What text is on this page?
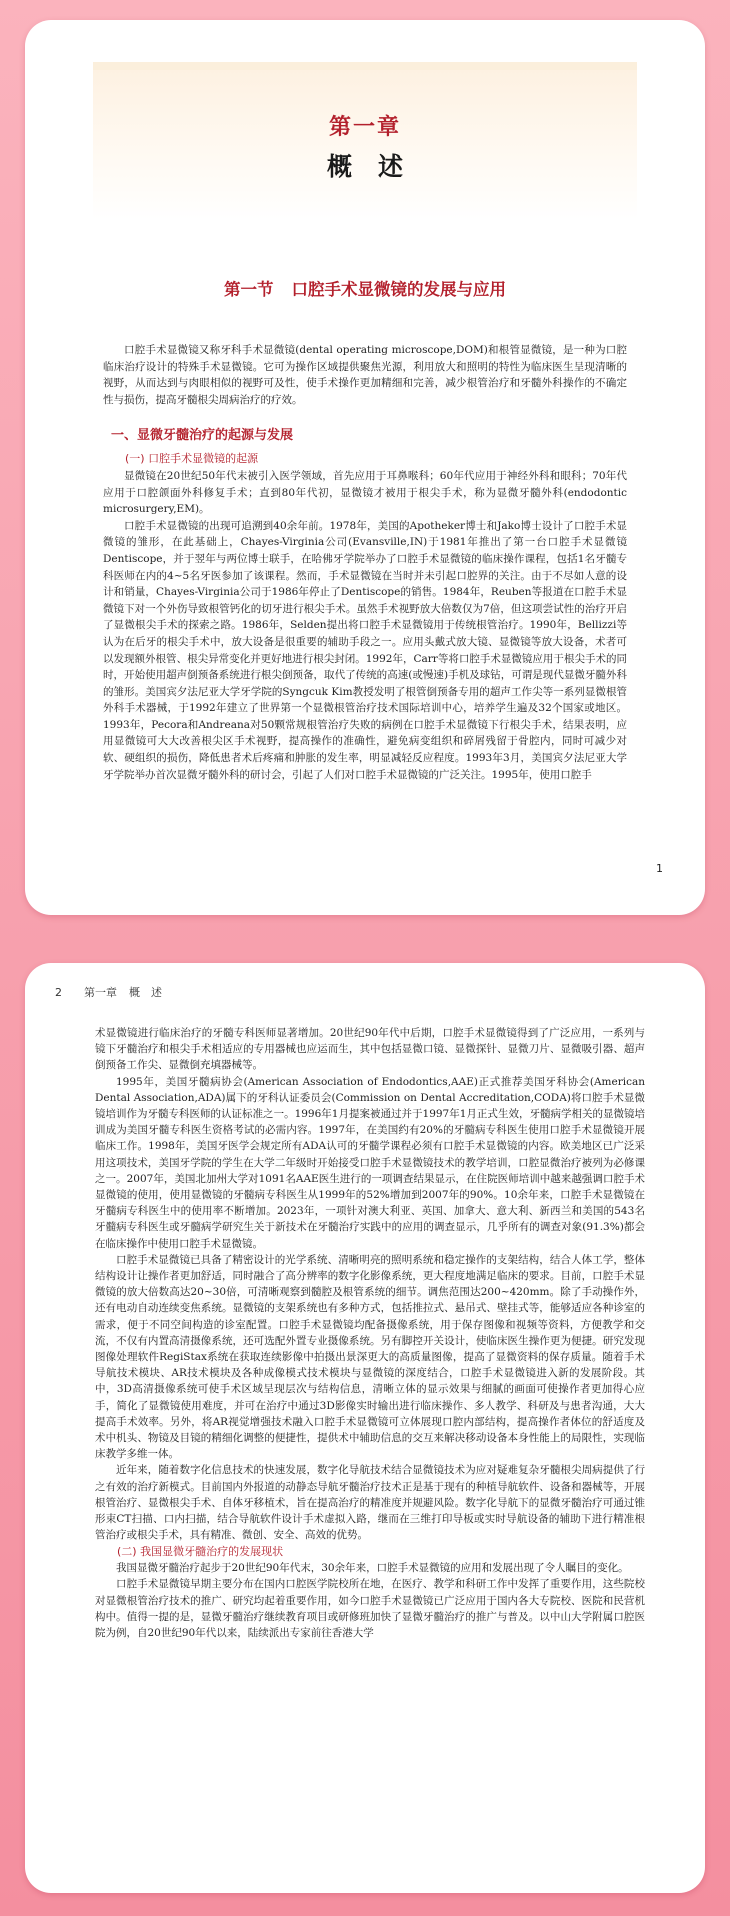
第一章
概述
第一节 口腔手术显微镜的发展与应用

口腔手术显微镜又称牙科手术显微镜(dental operating microscope,DOM)和根管显微镜，是一种为口腔临床治疗设计的特殊手术显微镜。它可为操作区域提供聚焦光源，利用放大和照明的特性为临床医生呈现清晰的视野，从而达到与肉眼相似的视野可及性，使手术操作更加精细和完善，减少根管治疗和牙髓外科操作的不确定性与损伤，提高牙髓根尖周病治疗的疗效。

一、显微牙髓治疗的起源与发展
(一) 口腔手术显微镜的起源

显微镜在20世纪50年代末被引入医学领域，首先应用于耳鼻喉科；60年代应用于神经外科和眼科；70年代应用于口腔颌面外科修复手术；直到80年代初，显微镜才被用于根尖手术，称为显微牙髓外科(endodontic microsurgery,EM)。

口腔手术显微镜的出现可追溯到40余年前。1978年，美国的Apotheker博士和Jako博士设计了口腔手术显微镜的雏形，在此基础上，Chayes-Virginia公司(Evansville,IN)于1981年推出了第一台口腔手术显微镜Dentiscope，并于翌年与两位博士联手，在哈佛牙学院举办了口腔手术显微镜的临床操作课程，包括1名牙髓专科医师在内的4~5名牙医参加了该课程。然而，手术显微镜在当时并未引起口腔界的关注。由于不尽如人意的设计和销量，Chayes-Virginia公司于1986年停止了Dentiscope的销售。1984年，Reuben等报道在口腔手术显微镜下对一个外伤导致根管钙化的切牙进行根尖手术。虽然手术视野放大倍数仅为7倍，但这项尝试性的治疗开启了显微根尖手术的探索之路。1986年，Selden提出将口腔手术显微镜用于传统根管治疗。1990年，Bellizzi等认为在后牙的根尖手术中，放大设备是很重要的辅助手段之一。应用头戴式放大镜、显微镜等放大设备，术者可以发现额外根管、根尖异常变化并更好地进行根尖封闭。1992年，Carr等将口腔手术显微镜应用于根尖手术的同时，开始使用超声倒预备系统进行根尖倒预备，取代了传统的高速(或慢速)手机及球钻，可谓是现代显微牙髓外科的雏形。美国宾夕法尼亚大学牙学院的Syngcuk Kim教授发明了根管倒预备专用的超声工作尖等一系列显微根管外科手术器械，于1992年建立了世界第一个显微根管治疗技术国际培训中心，培养学生遍及32个国家或地区。1993年，Pecora和Andreana对50颗常规根管治疗失败的病例在口腔手术显微镜下行根尖手术，结果表明，应用显微镜可大大改善根尖区手术视野，提高操作的准确性，避免病变组织和碎屑残留于骨腔内，同时可减少对软、硬组织的损伤，降低患者术后疼痛和肿胀的发生率，明显减轻反应程度。1993年3月，美国宾夕法尼亚大学牙学院举办首次显微牙髓外科的研讨会，引起了人们对口腔手术显微镜的广泛关注。1995年，使用口腔手

1
2 第一章 概　述

术显微镜进行临床治疗的牙髓专科医师显著增加。20世纪90年代中后期，口腔手术显微镜得到了广泛应用，一系列与镜下牙髓治疗和根尖手术相适应的专用器械也应运而生，其中包括显微口镜、显微探针、显微刀片、显微吸引器、超声倒预备工作尖、显微倒充填器械等。

1995年，美国牙髓病协会(American Association of Endodontics,AAE)正式推荐美国牙科协会(American Dental Association,ADA)属下的牙科认证委员会(Commission on Dental Accreditation,CODA)将口腔手术显微镜培训作为牙髓专科医师的认证标准之一。1996年1月提案被通过并于1997年1月正式生效，牙髓病学相关的显微镜培训成为美国牙髓专科医生资格考试的必需内容。1997年，在美国约有20%的牙髓病专科医生使用口腔手术显微镜开展临床工作。1998年，美国牙医学会规定所有ADA认可的牙髓学课程必须有口腔手术显微镜的内容。欧美地区已广泛采用这项技术，美国牙学院的学生在大学二年级时开始接受口腔手术显微镜技术的教学培训，口腔显微治疗被列为必修课之一。2007年，美国北加州大学对1091名AAE医生进行的一项调查结果显示，在住院医师培训中越来越强调口腔手术显微镜的使用，使用显微镜的牙髓病专科医生从1999年的52%增加到2007年的90%。10余年来，口腔手术显微镜在牙髓病专科医生中的使用率不断增加。2023年，一项针对澳大利亚、英国、加拿大、意大利、新西兰和美国的543名牙髓病专科医生或牙髓病学研究生关于新技术在牙髓治疗实践中的应用的调查显示，几乎所有的调查对象(91.3%)都会在临床操作中使用口腔手术显微镜。

口腔手术显微镜已具备了精密设计的光学系统、清晰明亮的照明系统和稳定操作的支架结构，结合人体工学，整体结构设计让操作者更加舒适，同时融合了高分辨率的数字化影像系统，更大程度地满足临床的要求。目前，口腔手术显微镜的放大倍数高达20~30倍，可清晰观察到髓腔及根管系统的细节。调焦范围达200~420mm。除了手动操作外，还有电动自动连续变焦系统。显微镜的支架系统也有多种方式，包括推拉式、悬吊式、壁挂式等，能够适应各种诊室的需求，便于不同空间构造的诊室配置。口腔手术显微镜均配备摄像系统，用于保存图像和视频等资料，方便教学和交流，不仅有内置高清摄像系统，还可选配外置专业摄像系统。另有脚控开关设计，使临床医生操作更为便捷。研究发现图像处理软件RegiStax系统在获取连续影像中拍摄出景深更大的高质量图像，提高了显微资料的保存质量。随着手术导航技术模块、AR技术模块及各种成像模式技术模块与显微镜的深度结合，口腔手术显微镜进入新的发展阶段。其中，3D高清摄像系统可使手术区域呈现层次与结构信息，清晰立体的显示效果与细腻的画面可使操作者更加得心应手，简化了显微镜使用难度，并可在治疗中通过3D影像实时输出进行临床操作、多人教学、科研及与患者沟通，大大提高手术效率。另外，将AR视觉增强技术融入口腔手术显微镜可立体展现口腔内部结构，提高操作者体位的舒适度及术中机头、物镜及目镜的精细化调整的便捷性，提供术中辅助信息的交互来解决移动设备本身性能上的局限性，实现临床教学多维一体。

近年来，随着数字化信息技术的快速发展，数字化导航技术结合显微镜技术为应对疑难复杂牙髓根尖周病提供了行之有效的治疗新模式。目前国内外报道的动静态导航牙髓治疗技术正是基于现有的种植导航软件、设备和器械等，开展根管治疗、显微根尖手术、自体牙移植术，旨在提高治疗的精准度并规避风险。数字化导航下的显微牙髓治疗可通过锥形束CT扫描、口内扫描，结合导航软件设计手术虚拟入路，继而在三维打印导板或实时导航设备的辅助下进行精准根管治疗或根尖手术，具有精准、微创、安全、高效的优势。

(二) 我国显微牙髓治疗的发展现状

我国显微牙髓治疗起步于20世纪90年代末，30余年来，口腔手术显微镜的应用和发展出现了令人瞩目的变化。

口腔手术显微镜早期主要分布在国内口腔医学院校所在地，在医疗、教学和科研工作中发挥了重要作用，这些院校对显微根管治疗技术的推广、研究均起着重要作用，如今口腔手术显微镜已广泛应用于国内各大专院校、医院和民营机构中。值得一提的是，显微牙髓治疗继续教育项目或研修班加快了显微牙髓治疗的推广与普及。以中山大学附属口腔医院为例，自20世纪90年代以来，陆续派出专家前往香港大学
